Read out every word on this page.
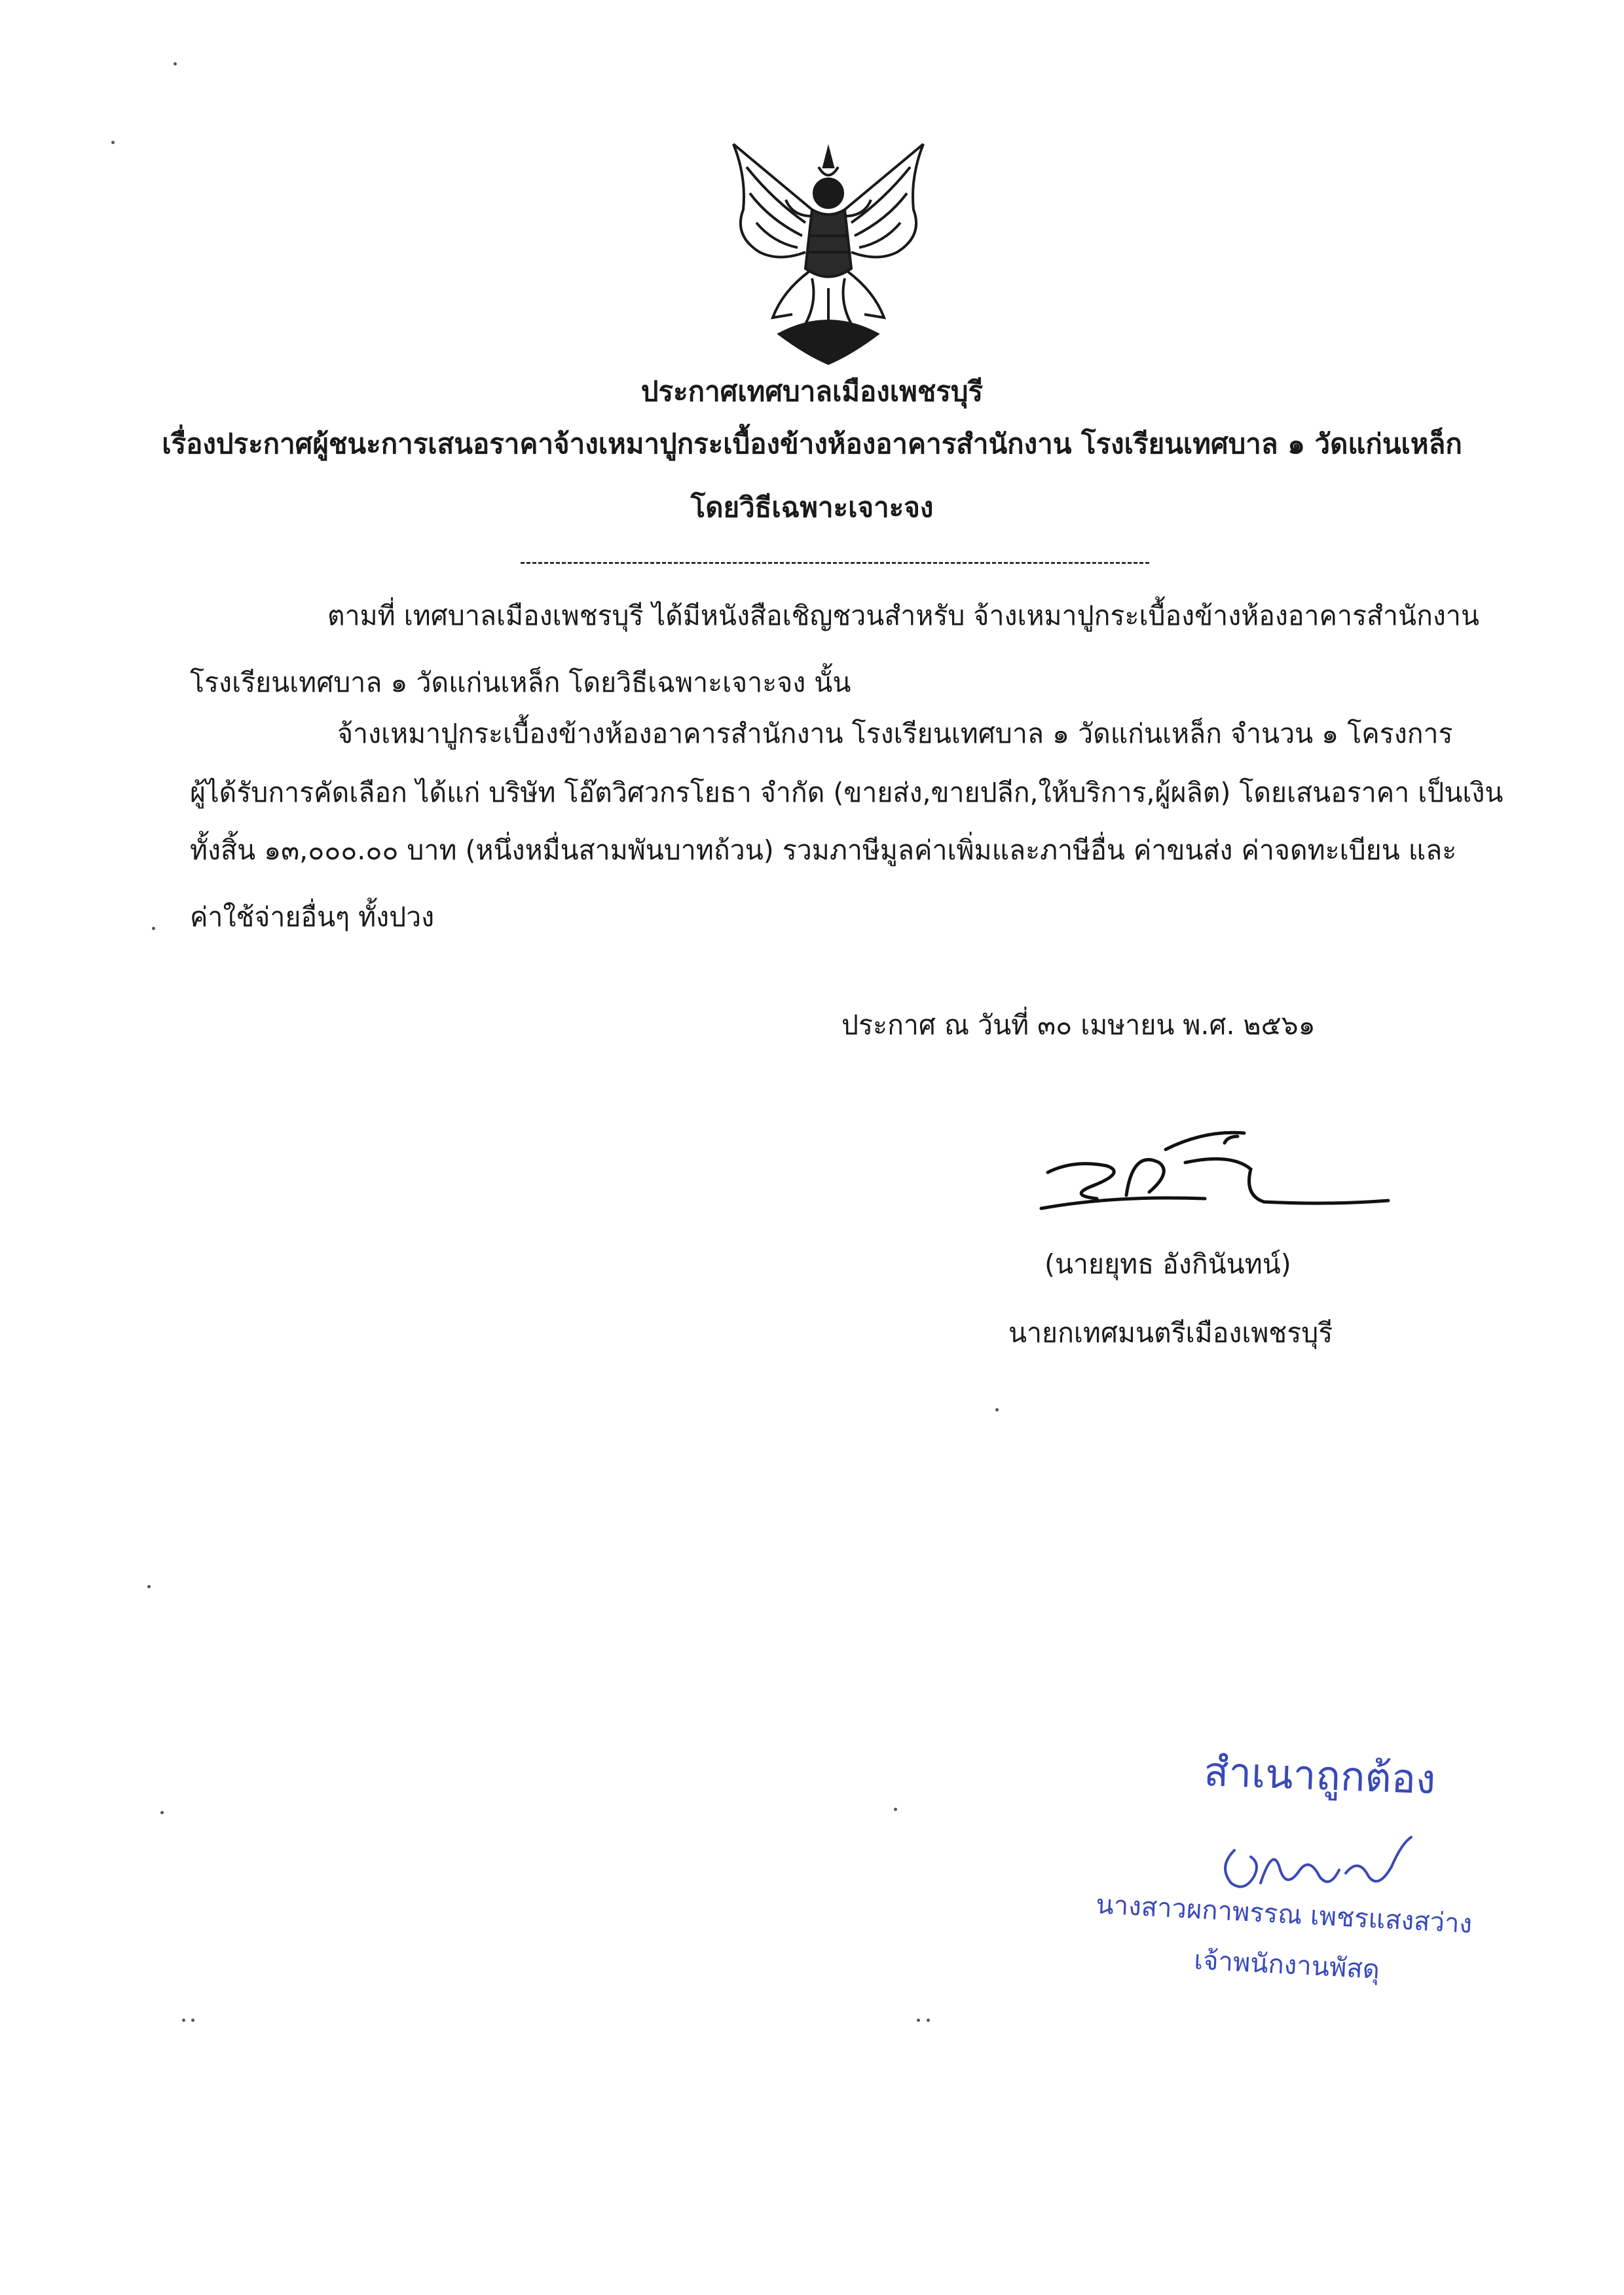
ประกาศเทศบาลเมืองเพชรบุรี
เรื่องประกาศผู้ชนะการเสนอราคาจ้างเหมาปูกระเบื้องข้างห้องอาคารสำนักงาน โรงเรียนเทศบาล ๑ วัดแก่นเหล็ก
โดยวิธีเฉพาะเจาะจง
ตามที่ เทศบาลเมืองเพชรบุรี ได้มีหนังสือเชิญชวนสำหรับ จ้างเหมาปูกระเบื้องข้างห้องอาคารสำนักงาน
โรงเรียนเทศบาล ๑ วัดแก่นเหล็ก โดยวิธีเฉพาะเจาะจง นั้น
จ้างเหมาปูกระเบื้องข้างห้องอาคารสำนักงาน โรงเรียนเทศบาล ๑ วัดแก่นเหล็ก จำนวน ๑ โครงการ
ผู้ได้รับการคัดเลือก ได้แก่ บริษัท โอ๊ตวิศวกรโยธา จำกัด (ขายส่ง,ขายปลีก,ให้บริการ,ผู้ผลิต) โดยเสนอราคา เป็นเงิน
ทั้งสิ้น ๑๓,๐๐๐.๐๐ บาท (หนึ่งหมื่นสามพันบาทถ้วน) รวมภาษีมูลค่าเพิ่มและภาษีอื่น ค่าขนส่ง ค่าจดทะเบียน และ
ค่าใช้จ่ายอื่นๆ ทั้งปวง
ประกาศ ณ วันที่ ๓๐ เมษายน พ.ศ. ๒๕๖๑
(นายยุทธ อังกินันทน์)
นายกเทศมนตรีเมืองเพชรบุรี
สำเนาถูกต้อง
นางสาวผกาพรรณ เพชรแสงสว่าง
เจ้าพนักงานพัสดุ
